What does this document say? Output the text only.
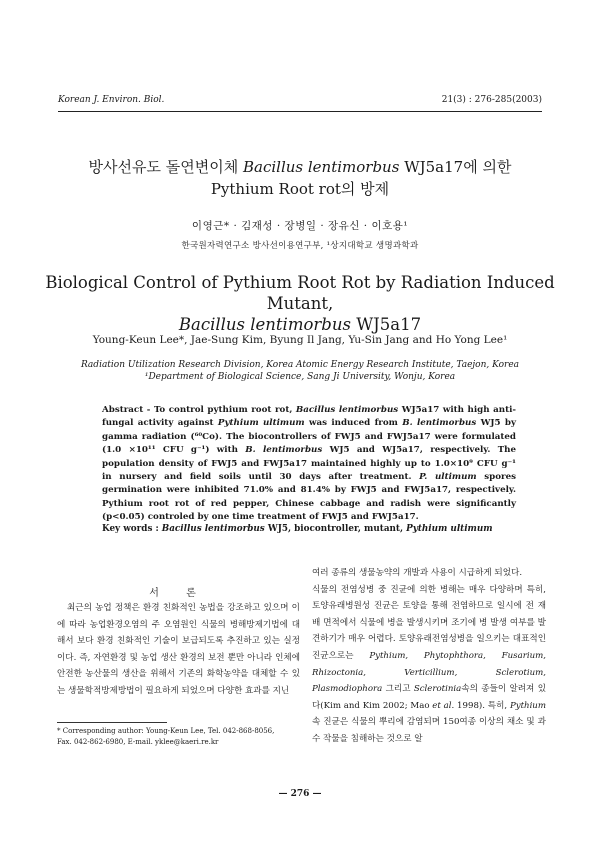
Korean J. Environ. Biol.	21(3) : 276-285(2003)
방사선유도 돌연변이체 Bacillus lentimorbus WJ5a17에 의한
Pythium Root rot의 방제
이영근* · 김재성 · 장병일 · 장유신 · 이호용¹
한국원자력연구소 방사선이용연구부, ¹상지대학교 생명과학과
Biological Control of Pythium Root Rot by Radiation Induced Mutant,
Bacillus lentimorbus WJ5a17
Young-Keun Lee*, Jae-Sung Kim, Byung Il Jang, Yu-Sin Jang and Ho Yong Lee¹
Radiation Utilization Research Division, Korea Atomic Energy Research Institute, Taejon, Korea
¹Department of Biological Science, Sang Ji University, Wonju, Korea
Abstract - To control pythium root rot, Bacillus lentimorbus WJ5a17 with high anti-fungal activity against Pythium ultimum was induced from B. lentimorbus WJ5 by gamma radiation (⁶⁰Co). The biocontrollers of FWJ5 and FWJ5a17 were formulated (1.0 ×10¹¹ CFU g⁻¹) with B. lentimorbus WJ5 and WJ5a17, respectively. The population density of FWJ5 and FWJ5a17 maintained highly up to 1.0×10⁹ CFU g⁻¹ in nursery and field soils until 30 days after treatment. P. ultimum spores germination were inhibited 71.0% and 81.4% by FWJ5 and FWJ5a17, respectively. Pythium root rot of red pepper, Chinese cabbage and radish were significantly (p<0.05) controled by one time treatment of FWJ5 and FWJ5a17.
Key words : Bacillus lentimorbus WJ5, biocontroller, mutant, Pythium ultimum
서 론

최근의 농업 정책은 환경 친화적인 농법을 강조하고 있으며 이에 따라 농업환경오염의 주 오염원인 식물의 병해방제기법에 대해서 보다 환경 친화적인 기술이 보급되도록 추진하고 있는 실정이다. 즉, 자연환경 및 농업 생산 환경의 보전 뿐만 아니라 인체에 안전한 농산물의 생산을 위해서 기존의 화학농약을 대체할 수 있는 생물학적방제방법이 필요하게 되었으며 다양한 효과를 지닌

여러 종류의 생물농약의 개발과 사용이 시급하게 되었다.

식물의 전염성병 중 진균에 의한 병해는 매우 다양하며 특히, 토양유래병원성 진균은 토양을 통해 전염하므로 일시에 전 재배 면적에서 식물에 병을 발생시키며 조기에 병 발생 여부를 발견하기가 매우 어렵다. 토양유래전염성병을 일으키는 대표적인 진균으로는 Pythium, Phytophthora, Fusarium, Rhizoctonia, Verticillium, Sclerotium, Plasmodiophora 그리고 Sclerotinia속의 종들이 알려져 있다(Kim and Kim 2002; Mao et al. 1998). 특히, Pythium속 진균은 식물의 뿌리에 감염되며 150여종 이상의 채소 및 과수 작물을 침해하는 것으로 알

* Corresponding author: Young-Keun Lee, Tel. 042-868-8056,
Fax. 042-862-6980, E-mail. yklee@kaeri.re.kr
— 276 —
